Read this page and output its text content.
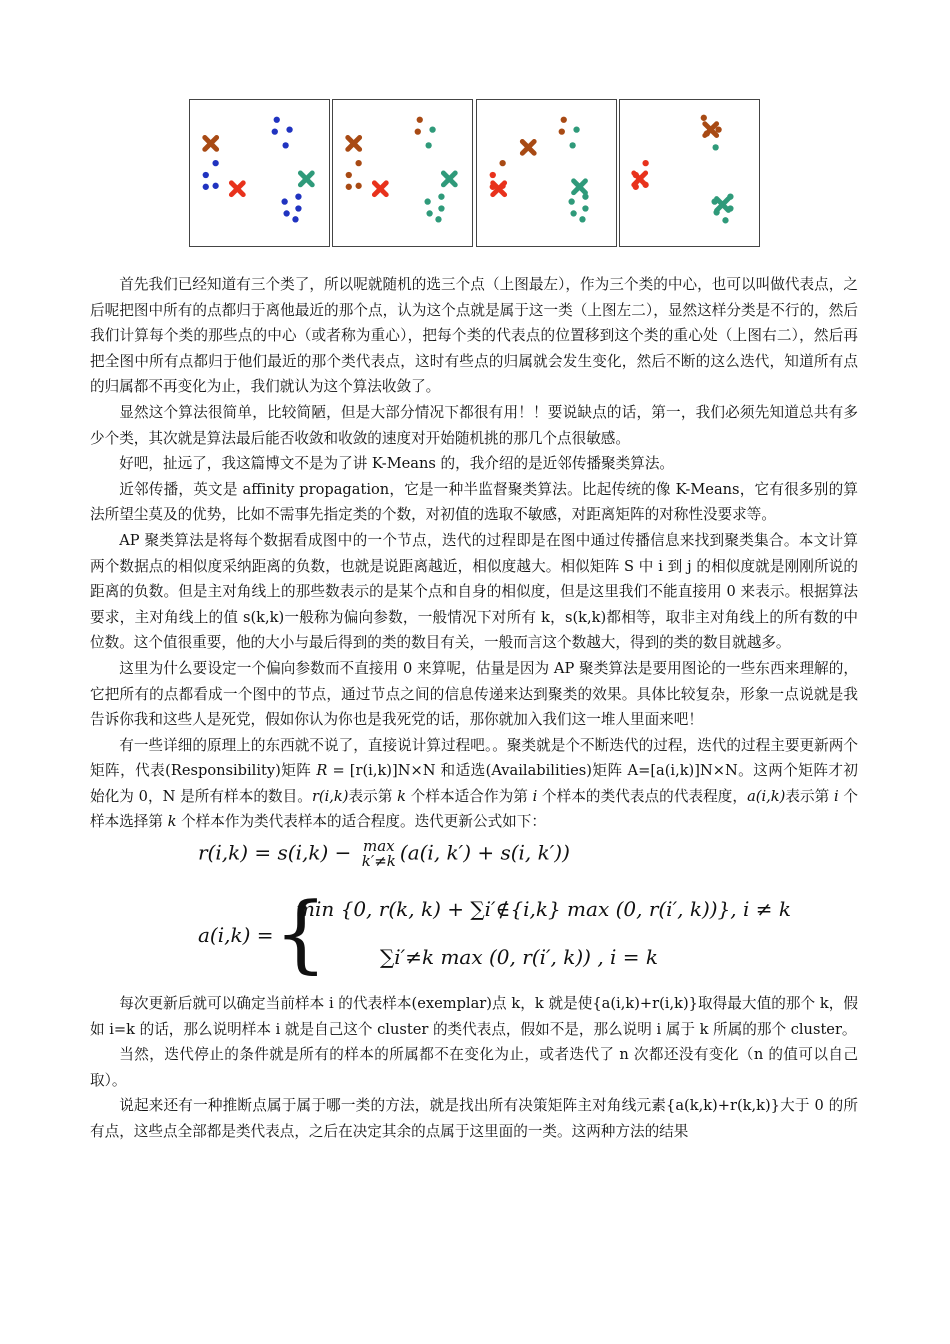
首先我们已经知道有三个类了，所以呢就随机的选三个点（上图最左），作为三个类的中心，也可以叫做代表点，之后呢把图中所有的点都归于离他最近的那个点，认为这个点就是属于这一类（上图左二），显然这样分类是不行的，然后我们计算每个类的那些点的中心（或者称为重心），把每个类的代表点的位置移到这个类的重心处（上图右二），然后再把全图中所有点都归于他们最近的那个类代表点，这时有些点的归属就会发生变化，然后不断的这么迭代，知道所有点的归属都不再变化为止，我们就认为这个算法收敛了。

显然这个算法很简单，比较简陋，但是大部分情况下都很有用！！要说缺点的话，第一，我们必须先知道总共有多少个类，其次就是算法最后能否收敛和收敛的速度对开始随机挑的那几个点很敏感。

好吧，扯远了，我这篇博文不是为了讲 K-Means 的，我介绍的是近邻传播聚类算法。

近邻传播，英文是 affinity propagation，它是一种半监督聚类算法。比起传统的像 K-Means，它有很多别的算法所望尘莫及的优势，比如不需事先指定类的个数，对初值的选取不敏感，对距离矩阵的对称性没要求等。

AP 聚类算法是将每个数据看成图中的一个节点，迭代的过程即是在图中通过传播信息来找到聚类集合。本文计算两个数据点的相似度采纳距离的负数，也就是说距离越近，相似度越大。相似矩阵 S 中 i 到 j 的相似度就是刚刚所说的距离的负数。但是主对角线上的那些数表示的是某个点和自身的相似度，但是这里我们不能直接用 0 来表示。根据算法要求，主对角线上的值 s(k,k)一般称为偏向参数，一般情况下对所有 k，s(k,k)都相等，取非主对角线上的所有数的中位数。这个值很重要，他的大小与最后得到的类的数目有关，一般而言这个数越大，得到的类的数目就越多。

这里为什么要设定一个偏向参数而不直接用 0 来算呢，估量是因为 AP 聚类算法是要用图论的一些东西来理解的，它把所有的点都看成一个图中的节点，通过节点之间的信息传递来达到聚类的效果。具体比较复杂，形象一点说就是我告诉你我和这些人是死党，假如你认为你也是我死党的话，那你就加入我们这一堆人里面来吧！

有一些详细的原理上的东西就不说了，直接说计算过程吧。。聚类就是个不断迭代的过程，迭代的过程主要更新两个矩阵，代表(Responsibility)矩阵 R = [r(i,k)]N×N 和适选(Availabilities)矩阵 A=[a(i,k)]N×N。这两个矩阵才初始化为 0，N 是所有样本的数目。r(i,k)表示第 k 个样本适合作为第 i 个样本的类代表点的代表程度，a(i,k)表示第 i 个样本选择第 k 个样本作为类代表样本的适合程度。迭代更新公式如下：

r(i,k) = s(i,k) − max
k′≠k (a(i, k′) + s(i, k′))
a(i,k) = {
min {0, r(k, k) + ∑i′∉{i,k} max (0, r(i′, k))}, i ≠ k
∑i′≠k max (0, r(i′, k)) , i = k

每次更新后就可以确定当前样本 i 的代表样本(exemplar)点 k，k 就是使{a(i,k)+r(i,k)}取得最大值的那个 k，假如 i=k 的话，那么说明样本 i 就是自己这个 cluster 的类代表点，假如不是，那么说明 i 属于 k 所属的那个 cluster。

当然，迭代停止的条件就是所有的样本的所属都不在变化为止，或者迭代了 n 次都还没有变化（n 的值可以自己取）。

说起来还有一种推断点属于属于哪一类的方法，就是找出所有决策矩阵主对角线元素{a(k,k)+r(k,k)}大于 0 的所有点，这些点全部都是类代表点，之后在决定其余的点属于这里面的一类。这两种方法的结果
